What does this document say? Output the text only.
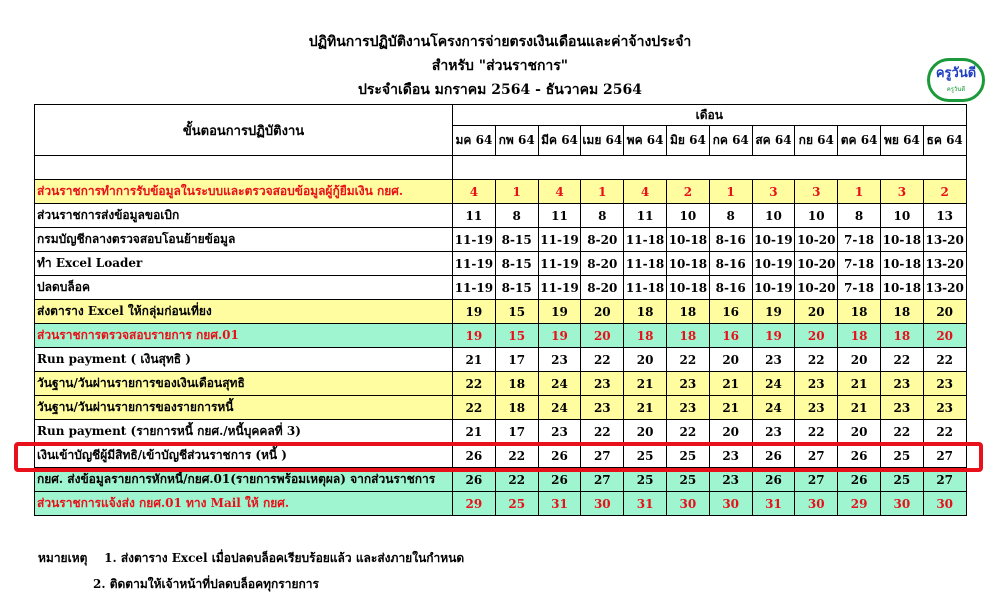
ปฏิทินการปฏิบัติงานโครงการจ่ายตรงเงินเดือนและค่าจ้างประจำ
สำหรับ "ส่วนราชการ"
ประจำเดือน มกราคม 2564 - ธันวาคม 2564
ครูวันดี
ครูวันดี
ขั้นตอนการปฏิบัติงาน	เดือน											
	มค 64	กพ 64	มีค 64	เมย 64	พค 64	มิย 64	กค 64	สค 64	กย 64	ตค 64	พย 64	ธค 64

ส่วนราชการทำการรับข้อมูลในระบบและตรวจสอบข้อมูลผู้กู้ยืมเงิน กยศ.	4	1	4	1	4	2	1	3	3	1	3	2
ส่วนราชการส่งข้อมูลขอเบิก	11	8	11	8	11	10	8	10	10	8	10	13
กรมบัญชีกลางตรวจสอบโอนย้ายข้อมูล	11-19	8-15	11-19	8-20	11-18	10-18	8-16	10-19	10-20	7-18	10-18	13-20
ทำ Excel Loader	11-19	8-15	11-19	8-20	11-18	10-18	8-16	10-19	10-20	7-18	10-18	13-20
ปลดบล็อค	11-19	8-15	11-19	8-20	11-18	10-18	8-16	10-19	10-20	7-18	10-18	13-20
ส่งตาราง Excel ให้กลุ่มก่อนเที่ยง	19	15	19	20	18	18	16	19	20	18	18	20
ส่วนราชการตรวจสอบรายการ กยศ.01	19	15	19	20	18	18	16	19	20	18	18	20
Run payment ( เงินสุทธิ )	21	17	23	22	20	22	20	23	22	20	22	22
วันฐาน/วันผ่านรายการของเงินเดือนสุทธิ	22	18	24	23	21	23	21	24	23	21	23	23
วันฐาน/วันผ่านรายการของรายการหนี้	22	18	24	23	21	23	21	24	23	21	23	23
Run payment (รายการหนี้ กยศ./หนี้บุคคลที่ 3)	21	17	23	22	20	22	20	23	22	20	22	22
เงินเข้าบัญชีผู้มีสิทธิ/เข้าบัญชีส่วนราชการ (หนี้ )	26	22	26	27	25	25	23	26	27	26	25	27
กยศ. ส่งข้อมูลรายการหักหนี้/กยศ.01(รายการพร้อมเหตุผล) จากส่วนราชการ	26	22	26	27	25	25	23	26	27	26	25	27
ส่วนราชการแจ้งส่ง กยศ.01 ทาง Mail ให้ กยศ.	29	25	31	30	31	30	30	31	30	29	30	30
หมายเหตุ 1. ส่งตาราง Excel เมื่อปลดบล็อคเรียบร้อยแล้ว และส่งภายในกำหนด
2. ติดตามให้เจ้าหน้าที่ปลดบล็อคทุกรายการ
